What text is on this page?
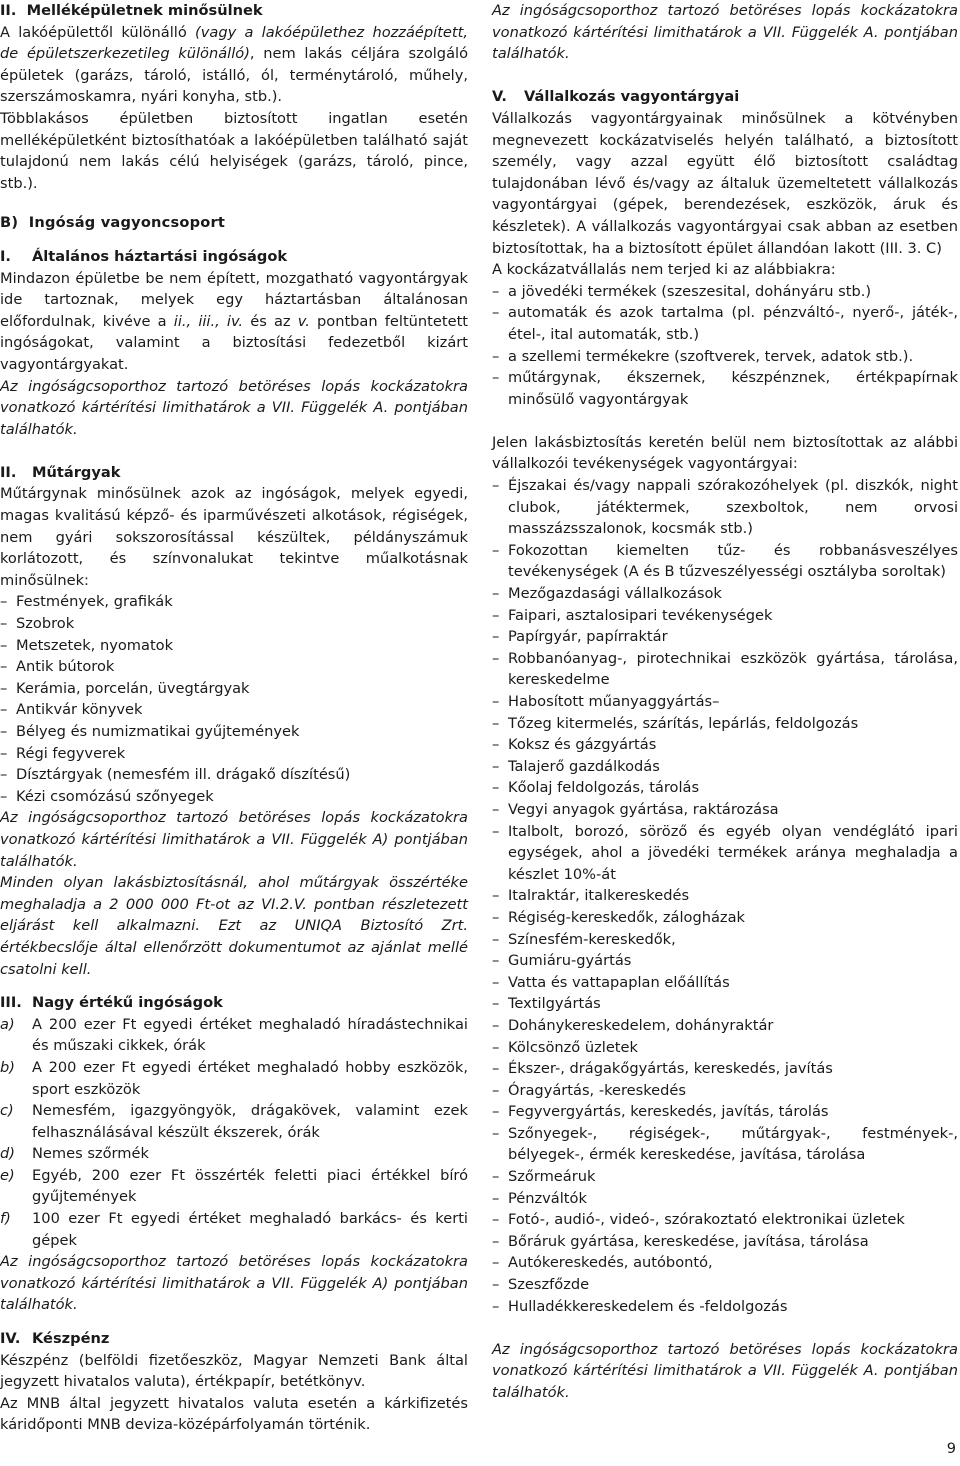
II.  Melléképületnek minősülnek

A lakóépülettől különálló (vagy a lakóépülethez hozzáépített, de épületszerkezetileg különálló), nem lakás céljára szolgáló épületek (garázs, tároló, istálló, ól, terménytároló, műhely, szerszámoskamra, nyári konyha, stb.).

Többlakásos épületben biztosított ingatlan esetén melléképületként biztosíthatóak a lakóépületben található saját tulajdonú nem lakás célú helyiségek (garázs, tároló, pince, stb.).

B)  Ingóság vagyoncsoport

I. Általános háztartási ingóságok

Mindazon épületbe be nem épített, mozgatható vagyontárgyak ide tartoznak, melyek egy háztartásban általánosan előfordulnak, kivéve a ii., iii., iv. és az v. pontban feltüntetett ingóságokat, valamint a biztosítási fedezetből kizárt vagyontárgyakat.

Az ingóságcsoporthoz tartozó betöréses lopás kockázatokra vonatkozó kártérítési limithatárok a VII. Függelék A. pontjában találhatók.

II. Műtárgyak

Műtárgynak minősülnek azok az ingóságok, melyek egyedi, magas kvalitású képző- és iparművészeti alkotások, régiségek, nem gyári sokszorosítással készültek, példányszámuk korlátozott, és színvonalukat tekintve műalkotásnak minősülnek:

– Festmények, grafikák
– Szobrok
– Metszetek, nyomatok
– Antik bútorok
– Kerámia, porcelán, üvegtárgyak
– Antikvár könyvek
– Bélyeg és numizmatikai gyűjtemények
– Régi fegyverek
– Dísztárgyak (nemesfém ill. drágakő díszítésű)
– Kézi csomózású szőnyegek

Az ingóságcsoporthoz tartozó betöréses lopás kockázatokra vonatkozó kártérítési limithatárok a VII. Függelék A) pontjában találhatók.

Minden olyan lakásbiztosításnál, ahol műtárgyak összértéke meghaladja a 2 000 000 Ft-ot az VI.2.V. pontban részletezett eljárást kell alkalmazni. Ezt az UNIQA Biztosító Zrt. értékbecslője által ellenőrzött dokumentumot az ajánlat mellé csatolni kell.

III. Nagy értékű ingóságok

a)	A 200 ezer Ft egyedi értéket meghaladó híradástechnikai és műszaki cikkek, órák
b)	A 200 ezer Ft egyedi értéket meghaladó hobby eszközök, sport eszközök
c)	Nemesfém, igazgyöngyök, drágakövek, valamint ezek felhasználásával készült ékszerek, órák
d)	Nemes szőrmék
e)	Egyéb, 200 ezer Ft összérték feletti piaci értékkel bíró gyűjtemények
f)	100 ezer Ft egyedi értéket meghaladó barkács- és kerti gépek

Az ingóságcsoporthoz tartozó betöréses lopás kockázatokra vonatkozó kártérítési limithatárok a VII. Függelék A) pontjában találhatók.

IV. Készpénz

Készpénz (belföldi fizetőeszköz, Magyar Nemzeti Bank által jegyzett hivatalos valuta), értékpapír, betétkönyv.

Az MNB által jegyzett hivatalos valuta esetén a kárkifizetés káridőponti MNB deviza-középárfolyamán történik.

Az ingóságcsoporthoz tartozó betöréses lopás kockázatokra vonatkozó kártérítési limithatárok a VII. Függelék A. pontjában találhatók.

V. Vállalkozás vagyontárgyai

Vállalkozás vagyontárgyainak minősülnek a kötvényben megnevezett kockázatviselés helyén található, a biztosított személy, vagy azzal együtt élő biztosított családtag tulajdonában lévő és/vagy az általuk üzemeltetett vállalkozás vagyontárgyai (gépek, berendezések, eszközök, áruk és készletek). A vállalkozás vagyontárgyai csak abban az esetben biztosítottak, ha a biztosított épület állandóan lakott (III. 3. C)

A kockázatvállalás nem terjed ki az alábbiakra:

– a jövedéki termékek (szeszesital, dohányáru stb.)
– automaták és azok tartalma (pl. pénzváltó-, nyerő-, játék-, étel-, ital automaták, stb.)
– a szellemi termékekre (szoftverek, tervek, adatok stb.).
– műtárgynak, ékszernek, készpénznek, értékpapírnak minősülő vagyontárgyak

Jelen lakásbiztosítás keretén belül nem biztosítottak az alábbi vállalkozói tevékenységek vagyontárgyai:

– Éjszakai és/vagy nappali szórakozóhelyek (pl. diszkók, night clubok, játéktermek, szexboltok, nem orvosi masszázsszalonok, kocsmák stb.)
– Fokozottan kiemelten tűz- és robbanásveszélyes tevékenységek (A és B tűzveszélyességi osztályba soroltak)
– Mezőgazdasági vállalkozások
– Faipari, asztalosipari tevékenységek
– Papírgyár, papírraktár
– Robbanóanyag-, pirotechnikai eszközök gyártása, tárolása, kereskedelme
– Habosított műanyaggyártás–
– Tőzeg kitermelés, szárítás, lepárlás, feldolgozás
– Koksz és gázgyártás
– Talajerő gazdálkodás
– Kőolaj feldolgozás, tárolás
– Vegyi anyagok gyártása, raktározása
– Italbolt, borozó, söröző és egyéb olyan vendéglátó ipari egységek, ahol a jövedéki termékek aránya meghaladja a készlet 10%-át
– Italraktár, italkereskedés
– Régiség-kereskedők, zálogházak
– Színesfém-kereskedők,
– Gumiáru-gyártás
– Vatta és vattapaplan előállítás
– Textilgyártás
– Dohánykereskedelem, dohányraktár
– Kölcsönző üzletek
– Ékszer-, drágakőgyártás, kereskedés, javítás
– Óragyártás, -kereskedés
– Fegyvergyártás, kereskedés, javítás, tárolás
– Szőnyegek-, régiségek-, műtárgyak-, festmények-, bélyegek-, érmék kereskedése, javítása, tárolása
– Szőrmeáruk
– Pénzváltók
– Fotó-, audió-, videó-, szórakoztató elektronikai üzletek
– Bőráruk gyártása, kereskedése, javítása, tárolása
– Autókereskedés, autóbontó,
– Szeszfőzde
– Hulladékkereskedelem és -feldolgozás

Az ingóságcsoporthoz tartozó betöréses lopás kockázatokra vonatkozó kártérítési limithatárok a VII. Függelék A. pontjában találhatók.

9
